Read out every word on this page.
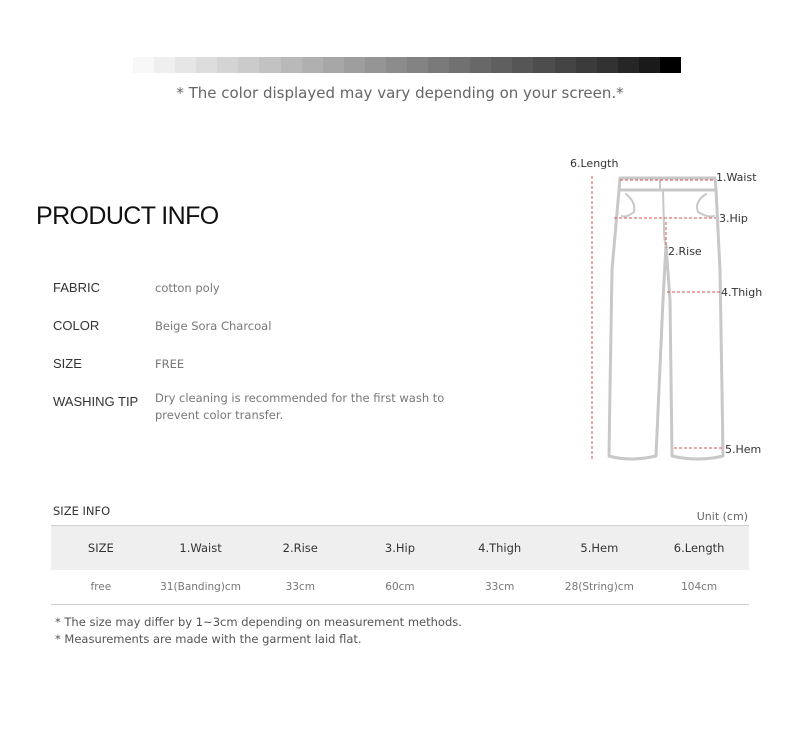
* The color displayed may vary depending on your screen.*
PRODUCT INFO
FABRIC	cotton poly
COLOR	Beige Sora Charcoal
SIZE	FREE
WASHING TIP Dry cleaning is recommended for the first wash to prevent color transfer.
6.Length
1.Waist
3.Hip
2.Rise
4.Thigh
5.Hem
SIZE INFO	Unit (cm)
SIZE	1.Waist	2.Rise	3.Hip	4.Thigh	5.Hem	6.Length
free	31(Banding)cm	33cm	60cm	33cm	28(String)cm	104cm
* The size may differ by 1~3cm depending on measurement methods.
* Measurements are made with the garment laid flat.
